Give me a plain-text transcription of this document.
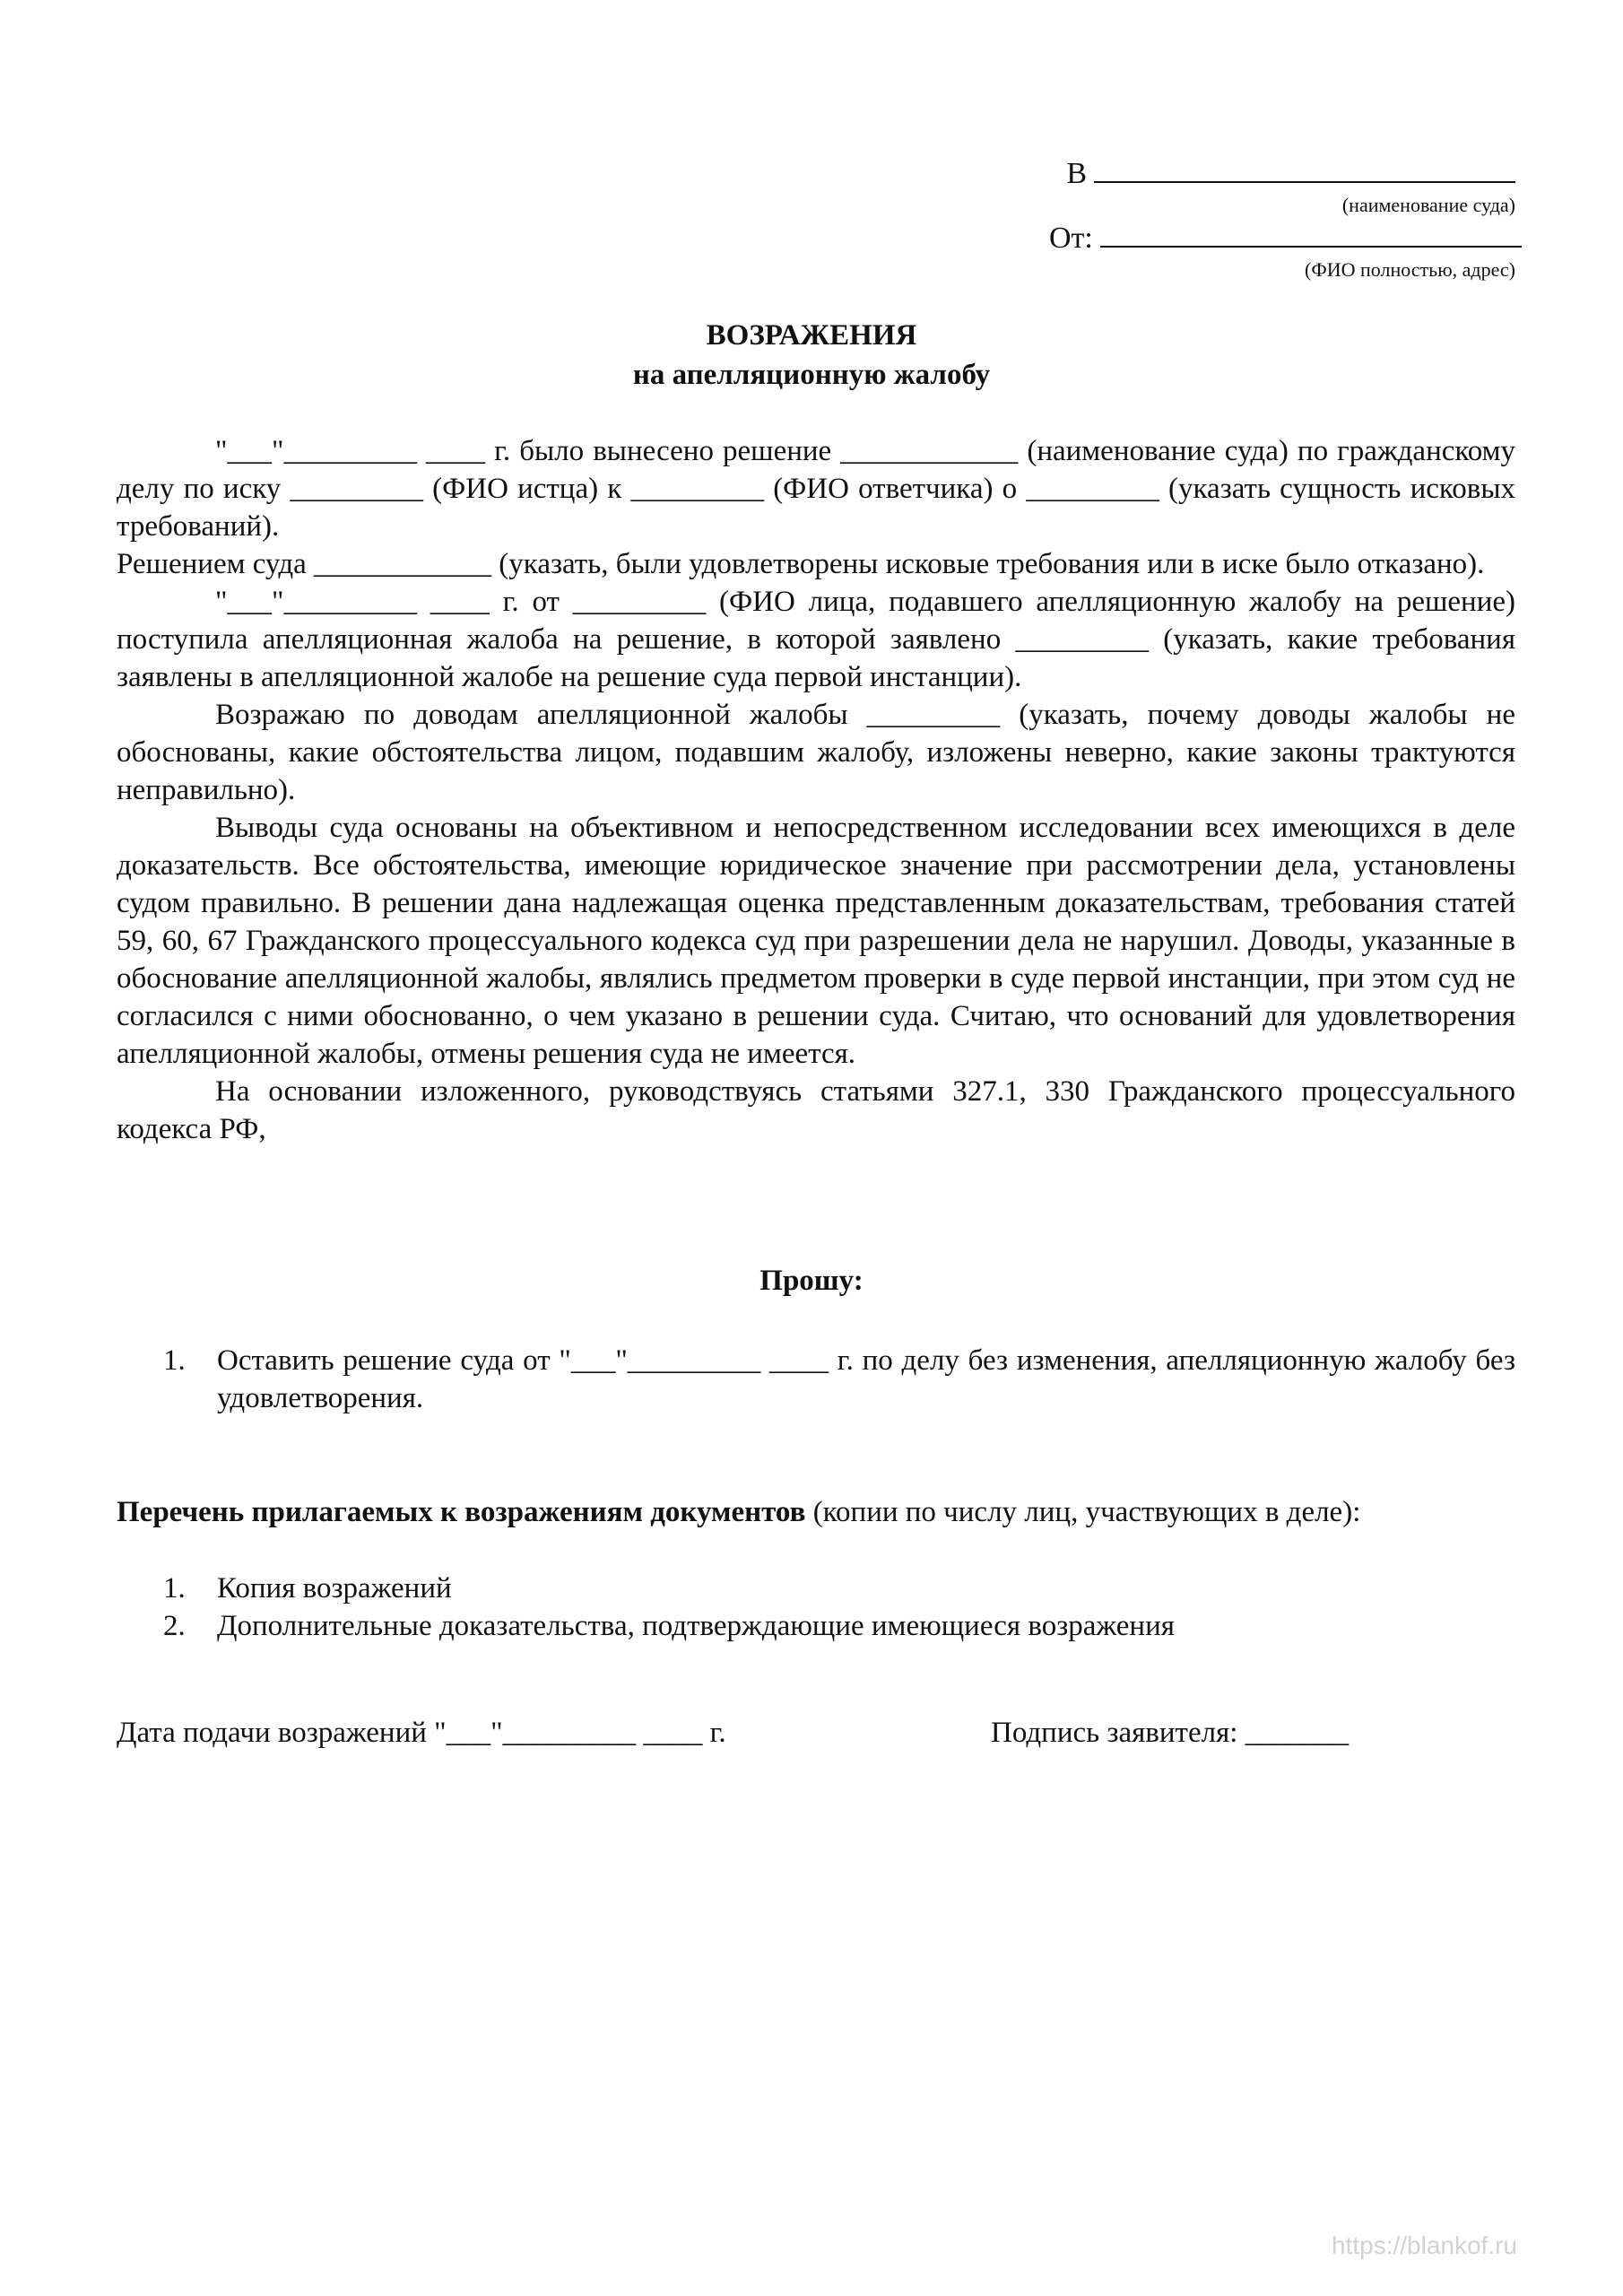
В
(наименование суда)
От:
(ФИО полностью, адрес)
ВОЗРАЖЕНИЯ
на апелляционную жалобу

"___"_________ ____ г. было вынесено решение ____________ (наименование суда) по гражданскому делу по иску _________ (ФИО истца) к _________ (ФИО ответчика) о _________ (указать сущность исковых требований).

Решением суда ____________ (указать, были удовлетворены исковые требования или в иске было отказано).

"___"_________ ____ г. от _________ (ФИО лица, подавшего апелляционную жалобу на решение) поступила апелляционная жалоба на решение, в которой заявлено _________ (указать, какие требования заявлены в апелляционной жалобе на решение суда первой инстанции).

Возражаю по доводам апелляционной жалобы _________ (указать, почему доводы жалобы не обоснованы, какие обстоятельства лицом, подавшим жалобу, изложены неверно, какие законы трактуются неправильно).

Выводы суда основаны на объективном и непосредственном исследовании всех имеющихся в деле доказательств. Все обстоятельства, имеющие юридическое значение при рассмотрении дела, установлены судом правильно. В решении дана надлежащая оценка представленным доказательствам, требования статей 59, 60, 67 Гражданского процессуального кодекса суд при разрешении дела не нарушил. Доводы, указанные в обоснование апелляционной жалобы, являлись предметом проверки в суде первой инстанции, при этом суд не согласился с ними обоснованно, о чем указано в решении суда. Считаю, что оснований для удовлетворения апелляционной жалобы, отмены решения суда не имеется.

На основании изложенного, руководствуясь статьями 327.1, 330 Гражданского процессуального кодекса РФ,

Прошу:
1. Оставить решение суда от "___"_________ ____ г. по делу без изменения, апелляционную жалобу без удовлетворения.
Перечень прилагаемых к возражениям документов (копии по числу лиц, участвующих в деле):
1. Копия возражений
2. Дополнительные доказательства, подтверждающие имеющиеся возражения
Дата подачи возражений "___"_________ ____ г.	Подпись заявителя: _______
https://blankof.ru
